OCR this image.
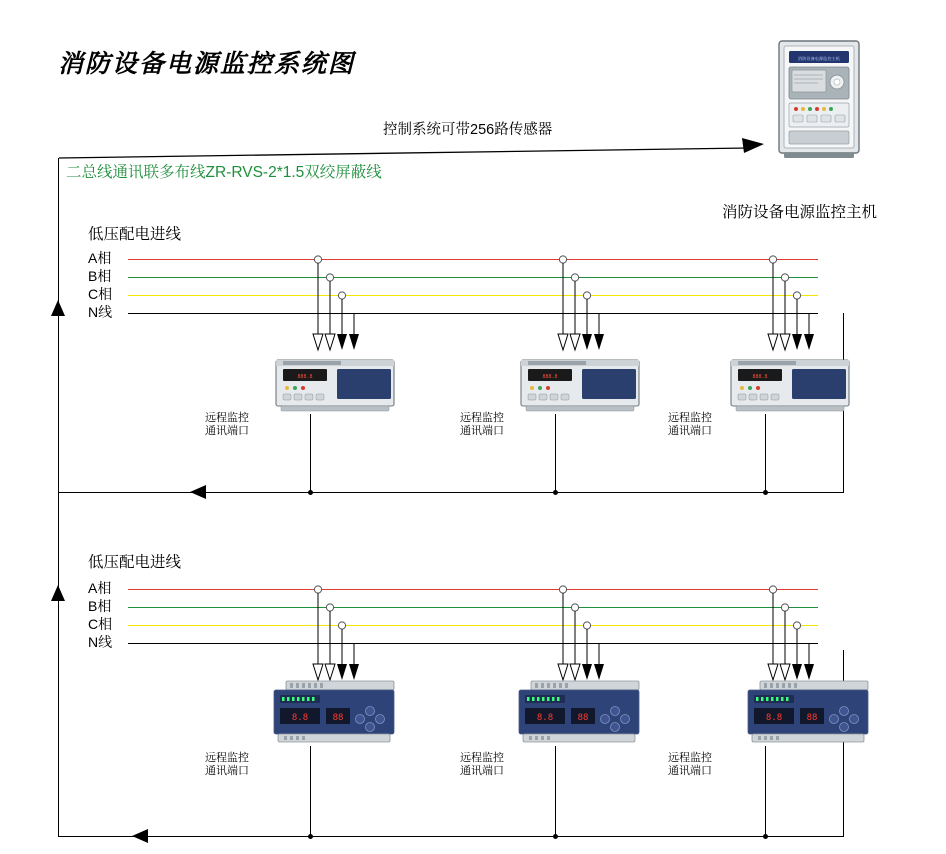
消防设备电源监控系统图	消防设备电源监控主机
消防设备电源监控主机
控制系统可带256路传感器
二总线通讯联多布线ZR-RVS-2*1.5双绞屏蔽线
低压配电进线
A相
B相
C相
N线
888.8
远程监控
通讯端口
888.8
远程监控
通讯端口
888.8
远程监控
通讯端口
低压配电进线
A相
B相
C相
N线
8.8	88
远程监控
通讯端口
8.8	88
远程监控
通讯端口
8.8	88
远程监控
通讯端口
